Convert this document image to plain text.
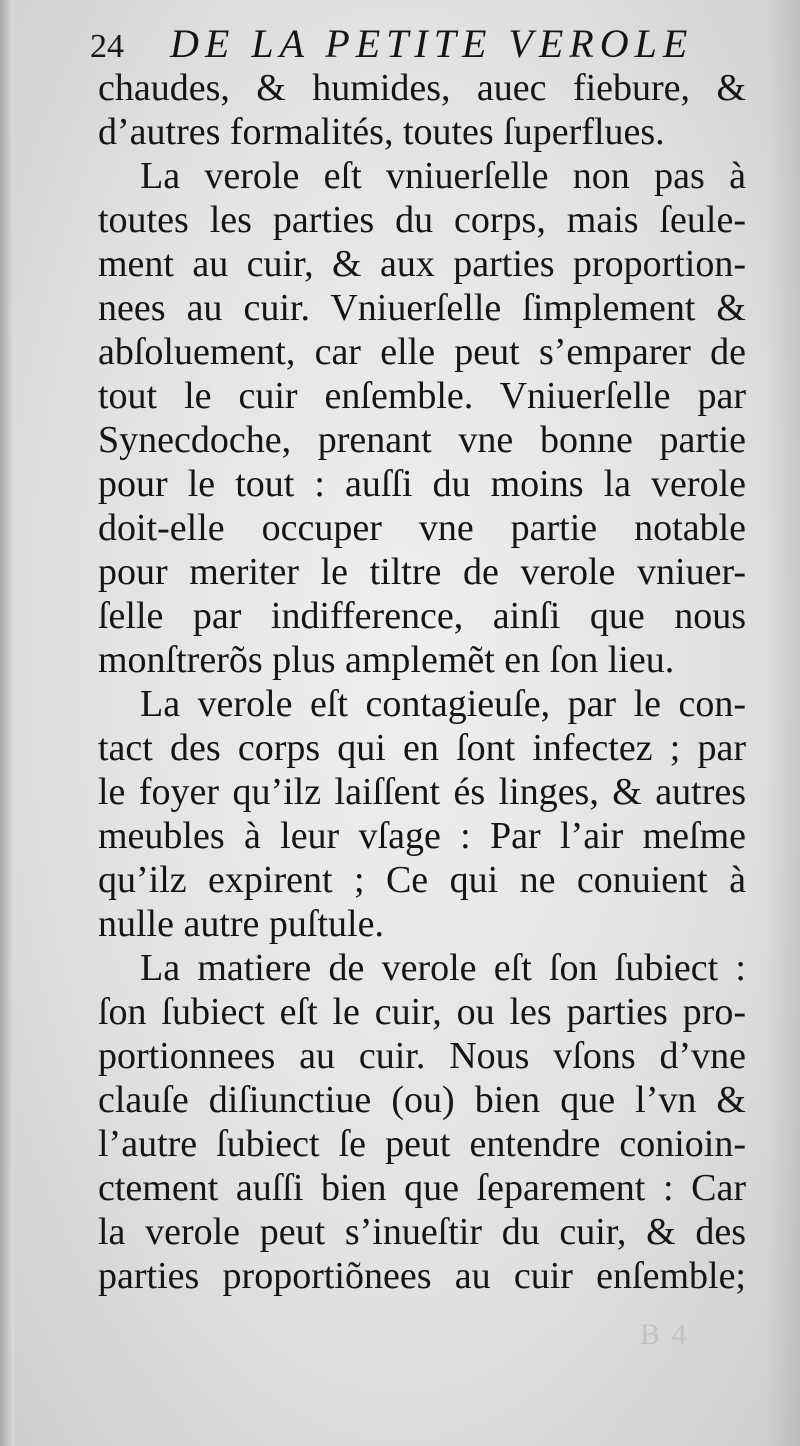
24	DE LA PETITE VEROLE
chaudes, & humides, auec fiebure, &
d’autres formalités, toutes ſuperflues.
La verole eſt vniuerſelle non pas à
toutes les parties du corps, mais ſeule-
ment au cuir, & aux parties proportion-
nees au cuir. Vniuerſelle ſimplement &
abſoluement, car elle peut s’emparer de
tout le cuir enſemble. Vniuerſelle par
Synecdoche, prenant vne bonne partie
pour le tout : auſſi du moins la verole
doit-elle occuper vne partie notable
pour meriter le tiltre de verole vniuer-
ſelle par indifference, ainſi que nous
monſtrerõs plus amplemẽt en ſon lieu.
La verole eſt contagieuſe, par le con-
tact des corps qui en ſont infectez ; par
le foyer qu’ilz laiſſent és linges, & autres
meubles à leur vſage : Par l’air meſme
qu’ilz expirent ; Ce qui ne conuient à
nulle autre puſtule.
La matiere de verole eſt ſon ſubiect :
ſon ſubiect eſt le cuir, ou les parties pro-
portionnees au cuir. Nous vſons d’vne
clauſe diſiunctiue (ou) bien que l’vn &
l’autre ſubiect ſe peut entendre conioin-
ctement auſſi bien que ſeparement : Car
la verole peut s’inueſtir du cuir, & des
parties proportiõnees au cuir enſemble;
B 4
